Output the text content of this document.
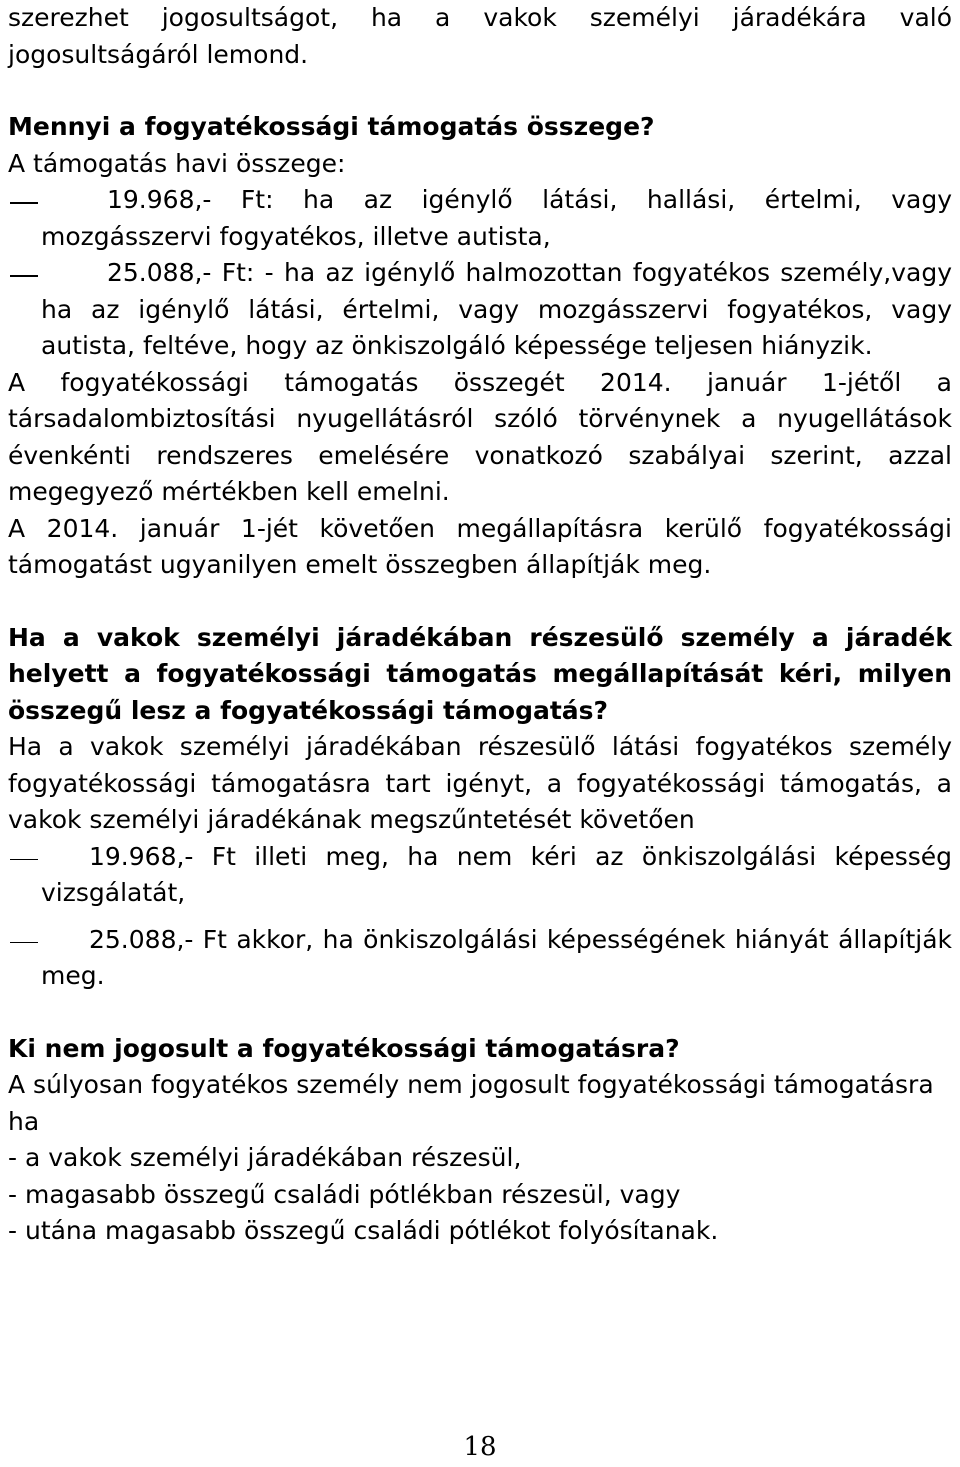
szerezhet jogosultságot, ha a vakok személyi járadékára való jogosultságáról lemond.

Mennyi a fogyatékossági támogatás összege?

A támogatás havi összege:

19.968,- Ft: ha az igénylő látási, hallási, értelmi, vagy mozgásszervi fogyatékos, illetve autista,
25.088,- Ft: - ha az igénylő halmozottan fogyatékos személy,vagy ha az igénylő látási, értelmi, vagy mozgásszervi fogyatékos, vagy autista, feltéve, hogy az önkiszolgáló képessége teljesen hiányzik.

A fogyatékossági támogatás összegét 2014. január 1-jétől a társadalombiztosítási nyugellátásról szóló törvénynek a nyugellátások évenkénti rendszeres emelésére vonatkozó szabályai szerint, azzal megegyező mértékben kell emelni.

A 2014. január 1-jét követően megállapításra kerülő fogyatékossági támogatást ugyanilyen emelt összegben állapítják meg.

Ha a vakok személyi járadékában részesülő személy a járadék helyett a fogyatékossági támogatás megállapítását kéri, milyen összegű lesz a fogyatékossági támogatás?

Ha a vakok személyi járadékában részesülő látási fogyatékos személy fogyatékossági támogatásra tart igényt, a fogyatékossági támogatás, a vakok személyi járadékának megszűntetését követően

19.968,- Ft illeti meg, ha nem kéri az önkiszolgálási képesség vizsgálatát,
25.088,- Ft akkor, ha önkiszolgálási képességének hiányát állapítják meg.

Ki nem jogosult a fogyatékossági támogatásra?

A súlyosan fogyatékos személy nem jogosult fogyatékossági támogatásra ha

- a vakok személyi járadékában részesül,

- magasabb összegű családi pótlékban részesül, vagy

- utána magasabb összegű családi pótlékot folyósítanak.

18
